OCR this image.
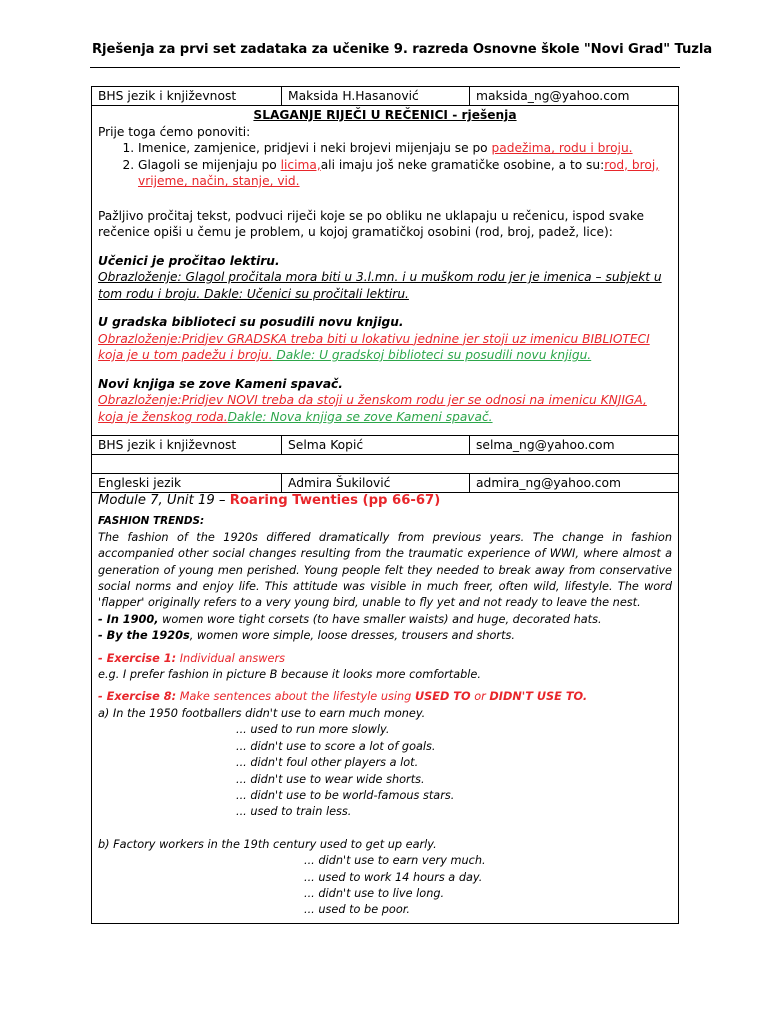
Rješenja za prvi set zadataka za učenike 9. razreda Osnovne škole "Novi Grad" Tuzla
BHS jezik i književnost	Maksida H.Hasanović	maksida_ng@yahoo.com
SLAGANJE RIJEČI U REČENICI - rješenja
Prije toga ćemo ponoviti:
1. Imenice, zamjenice, pridjevi i neki brojevi mijenjaju se po padežima, rodu i broju.
2. Glagoli se mijenjaju po licima,ali imaju još neke gramatičke osobine, a to su:rod, broj, vrijeme, način, stanje, vid.
Pažljivo pročitaj tekst, podvuci riječi koje se po obliku ne uklapaju u rečenicu, ispod svake rečenice opiši u čemu je problem, u kojoj gramatičkoj osobini (rod, broj, padež, lice):
Učenici je pročitao lektiru.
Obrazloženje: Glagol pročitala mora biti u 3.l.mn. i u muškom rodu jer je imenica – subjekt u tom rodu i broju. Dakle: Učenici su pročitali lektiru.
U gradska biblioteci su posudili novu knjigu.
Obrazloženje:Pridjev GRADSKA treba biti u lokativu jednine jer stoji uz imenicu BIBLIOTECI koja je u tom padežu i broju. Dakle: U gradskoj biblioteci su posudili novu knjigu.
Novi knjiga se zove Kameni spavač.
Obrazloženje:Pridjev NOVI treba da stoji u ženskom rodu jer se odnosi na imenicu KNJIGA, koja je ženskog roda.Dakle: Nova knjiga se zove Kameni spavač.
BHS jezik i književnost	Selma Kopić	selma_ng@yahoo.com
Engleski jezik	Admira Šukilović	admira_ng@yahoo.com
Module 7, Unit 19 – Roaring Twenties (pp 66-67)
FASHION TRENDS:
The fashion of the 1920s differed dramatically from previous years. The change in fashion accompanied other social changes resulting from the traumatic experience of WWI, where almost a generation of young men perished. Young people felt they needed to break away from conservative social norms and enjoy life. This attitude was visible in much freer, often wild, lifestyle. The word 'flapper' originally refers to a very young bird, unable to fly yet and not ready to leave the nest.
- In 1900, women wore tight corsets (to have smaller waists) and huge, decorated hats.
- By the 1920s, women wore simple, loose dresses, trousers and shorts.
- Exercise 1: Individual answers
e.g. I prefer fashion in picture B because it looks more comfortable.
- Exercise 8: Make sentences about the lifestyle using USED TO or DIDN'T USE TO.
a) In the 1950 footballers didn't use to earn much money.
... used to run more slowly.
... didn't use to score a lot of goals.
... didn't foul other players a lot.
... didn't use to wear wide shorts.
... didn't use to be world-famous stars.
... used to train less.
b) Factory workers in the 19th century used to get up early.
... didn't use to earn very much.
... used to work 14 hours a day.
... didn't use to live long.
... used to be poor.
